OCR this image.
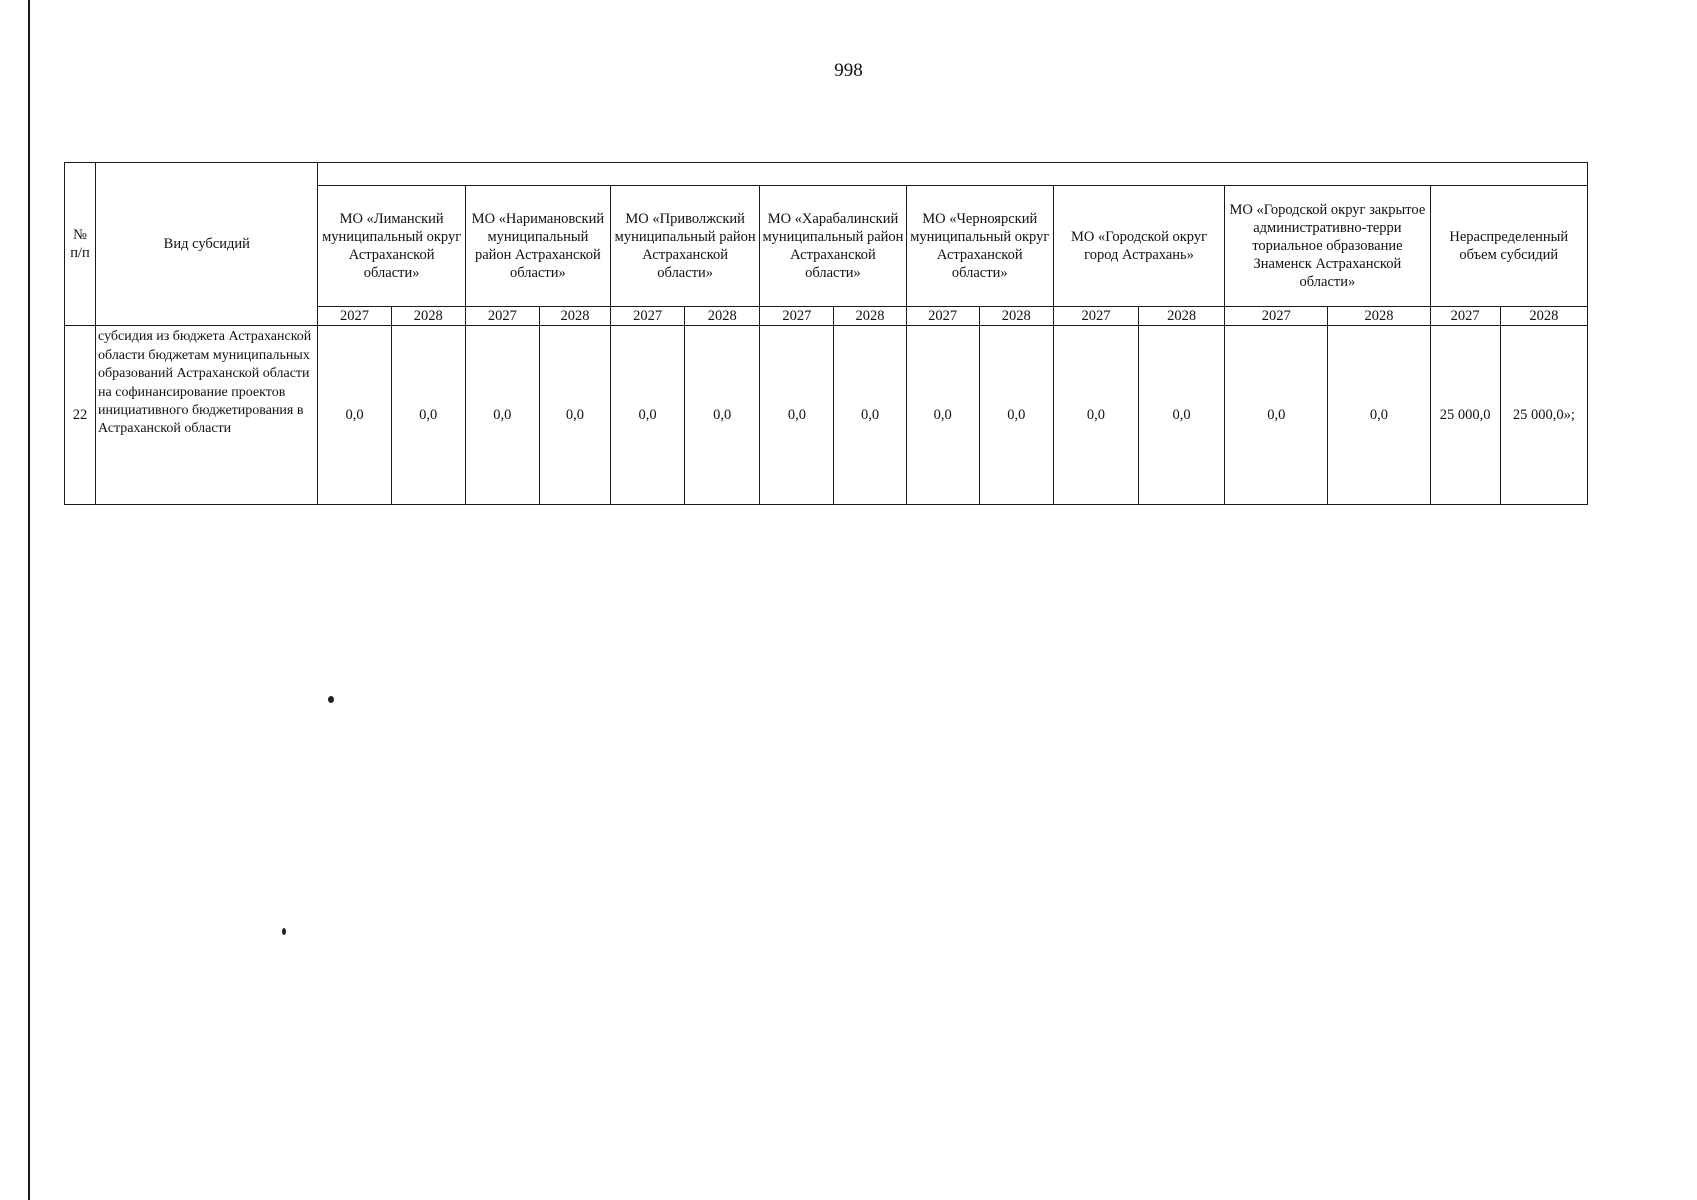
998
№ п/п	Вид субсидий																
		МО «Лиманский муниципальный округ Астраханской области»		МО «Наримановский муниципальный район Астраханской области»		МО «Приволжский муниципальный район Астраханской области»		МО «Харабалинский муниципальный район Астраханской области»		МО «Черноярский муниципальный округ Астраханской области»		МО «Городской округ город Астрахань»		МО «Городской округ закрытое административно-терри ториальное образование Знаменск Астраханской области»		Нераспределенный объем субсидий	
		2027	2028	2027	2028	2027	2028	2027	2028	2027	2028	2027	2028	2027	2028	2027	2028
22	субсидия из бюджета Астраханской области бюджетам муниципальных образований Астраханской области на софинансирование проектов инициативного бюджетирования в Астраханской области	0,0	0,0	0,0	0,0	0,0	0,0	0,0	0,0	0,0	0,0	0,0	0,0	0,0	0,0	25 000,0	25 000,0»;
